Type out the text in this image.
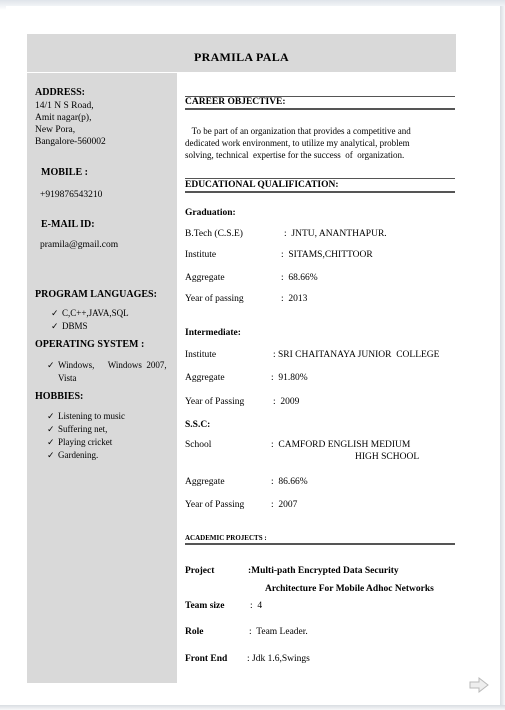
PRAMILA PALA
ADDRESS:
14/1 N S Road,
Amit nagar(p),
New Pora,
Bangalore-560002
MOBILE :
+919876543210
E-MAIL ID:
pramila@gmail.com
PROGRAM LANGUAGES:
✓ C,C++,JAVA,SQL
✓ DBMS
OPERATING SYSTEM :
✓ Windows,      Windows  2007,
Vista
HOBBIES:
✓ Listening to music
✓ Suffering net,
✓ Playing cricket
✓ Gardening.
CAREER OBJECTIVE:
To be part of an organization that provides a competitive and
dedicated work environment, to utilize my analytical, problem
solving, technical  expertise for the success  of  organization.
EDUCATIONAL QUALIFICATION:
Graduation:
B.Tech (C.S.E)	:  JNTU, ANANTHAPUR.
Institute	:  SITAMS,CHITTOOR
Aggregate	:  68.66%
Year of passing	:  2013
Intermediate:
Institute	: SRI CHAITANAYA JUNIOR  COLLEGE
Aggregate	:  91.80%
Year of Passing	:  2009
S.S.C:
School	:  CAMFORD ENGLISH MEDIUM
HIGH SCHOOL
Aggregate	:  86.66%
Year of Passing	:  2007
ACADEMIC PROJECTS :
Project	:Multi-path Encrypted Data Security
Architecture For Mobile Adhoc Networks
Team size	:  4
Role	:  Team Leader.
Front End : Jdk 1.6,Swings
